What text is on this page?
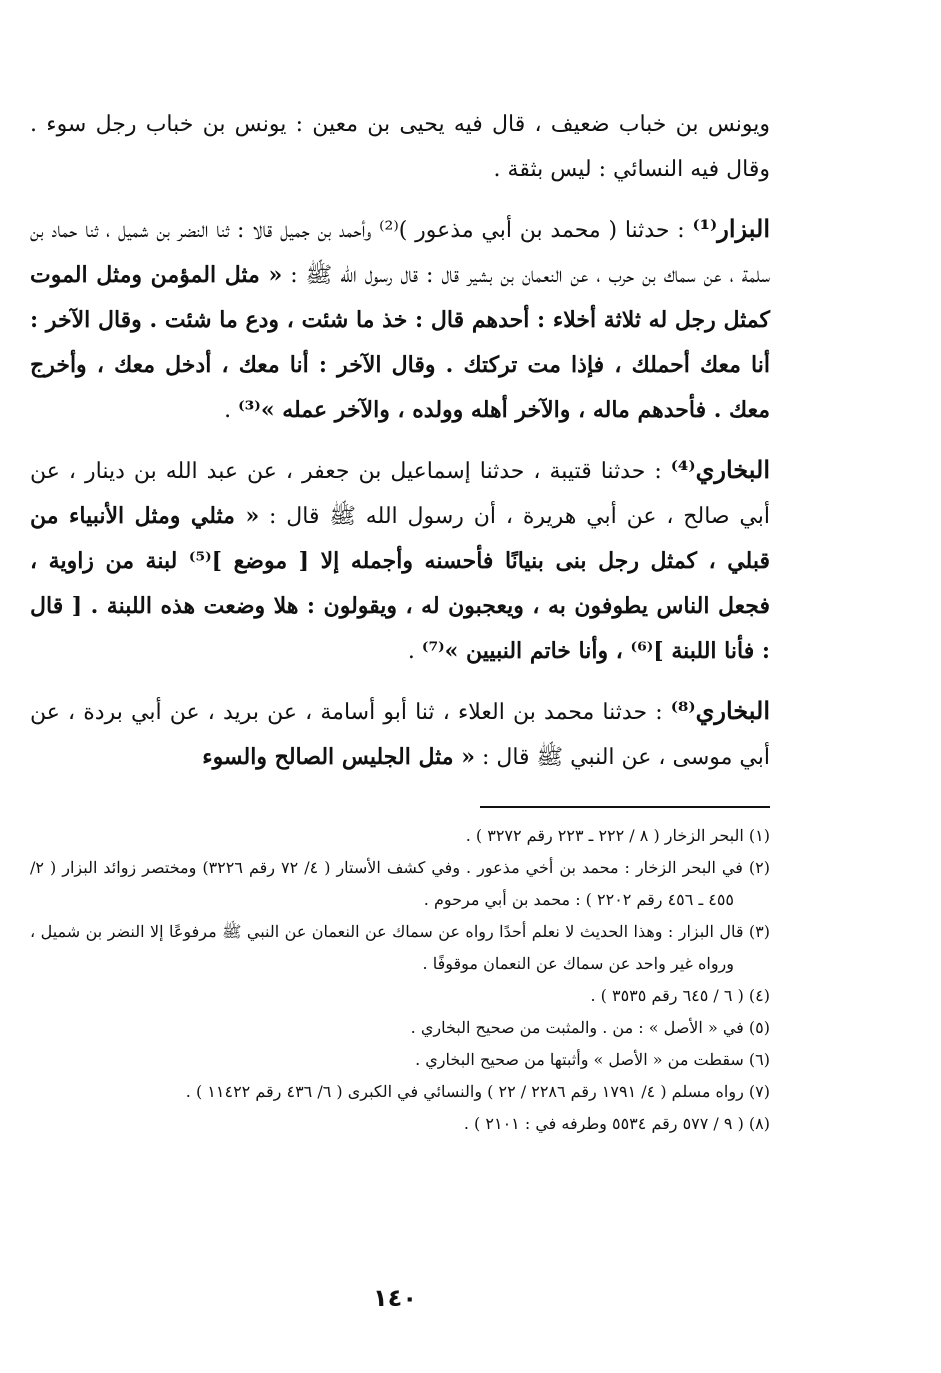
ويونس بن خباب ضعيف ، قال فيه يحيى بن معين : يونس بن خباب رجل سوء . وقال فيه النسائي : ليس بثقة .

البزار⁽¹⁾ : حدثنا ( محمد بن أبي مذعور )⁽²⁾ وأحمد بن جميل قالا : ثنا النضر بن شميل ، ثنا حماد بن سلمة ، عن سماك بن حرب ، عن النعمان بن بشير قال : قال رسول الله ﷺ : « مثل المؤمن ومثل الموت كمثل رجل له ثلاثة أخلاء : أحدهم قال : خذ ما شئت ، ودع ما شئت . وقال الآخر : أنا معك أحملك ، فإذا مت تركتك . وقال الآخر : أنا معك ، أدخل معك ، وأخرج معك . فأحدهم ماله ، والآخر أهله وولده ، والآخر عمله »⁽³⁾ .

البخاري⁽⁴⁾ : حدثنا قتيبة ، حدثنا إسماعيل بن جعفر ، عن عبد الله بن دينار ، عن أبي صالح ، عن أبي هريرة ، أن رسول الله ﷺ قال : « مثلي ومثل الأنبياء من قبلي ، كمثل رجل بنى بنيانًا فأحسنه وأجمله إلا [ موضع ]⁽⁵⁾ لبنة من زاوية ، فجعل الناس يطوفون به ، ويعجبون له ، ويقولون : هلا وضعت هذه اللبنة . [ قال : فأنا اللبنة ]⁽⁶⁾ ، وأنا خاتم النبيين »⁽⁷⁾ .

البخاري⁽⁸⁾ : حدثنا محمد بن العلاء ، ثنا أبو أسامة ، عن بريد ، عن أبي بردة ، عن أبي موسى ، عن النبي ﷺ قال : « مثل الجليس الصالح والسوء

(١) البحر الزخار ( ٨ / ٢٢٢ ـ ٢٢٣ رقم ٣٢٧٢ ) .

(٢) في البحر الزخار : محمد بن أخي مذعور . وفي كشف الأستار ( ٤/ ٧٢ رقم ٣٢٢٦) ومختصر زوائد البزار ( ٢/ ٤٥٥ ـ ٤٥٦ رقم ٢٢٠٢ ) : محمد بن أبي مرحوم .

(٣) قال البزار : وهذا الحديث لا نعلم أحدًا رواه عن سماك عن النعمان عن النبي ﷺ مرفوعًا إلا النضر بن شميل ، ورواه غير واحد عن سماك عن النعمان موقوفًا .

(٤) ( ٦ / ٦٤٥ رقم ٣٥٣٥ ) .

(٥) في « الأصل » : من . والمثبت من صحيح البخاري .

(٦) سقطت من « الأصل » وأثبتها من صحيح البخاري .

(٧) رواه مسلم ( ٤/ ١٧٩١ رقم ٢٢٨٦ / ٢٢ ) والنسائي في الكبرى ( ٦/ ٤٣٦ رقم ١١٤٢٢ ) .

(٨) ( ٩ / ٥٧٧ رقم ٥٥٣٤ وطرفه في : ٢١٠١ ) .

١٤٠
